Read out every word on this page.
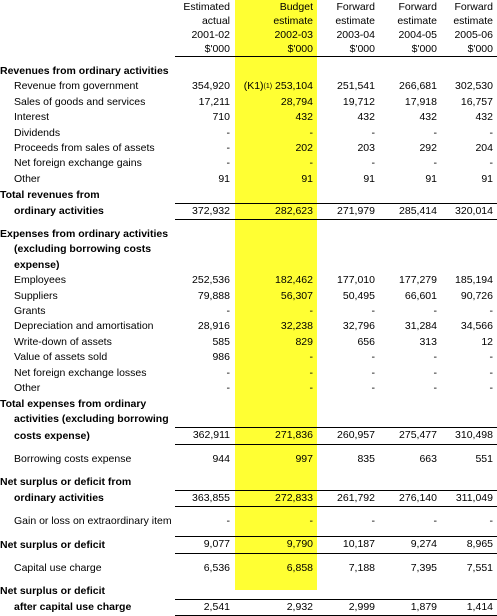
	Estimated	Budget	Forward	Forward	Forward
	actual	estimate	estimate	estimate	estimate
	2001-02	2002-03	2003-04	2004-05	2005-06
	$'000	$'000	$'000	$'000	$'000

Revenues from ordinary activities					
Revenue from government	354,920	(K1)$^{(1)}$ 253,104	251,541	266,681	302,530
Sales of goods and services	17,211	28,794	19,712	17,918	16,757
Interest	710	432	432	432	432
Dividends	-	-	-	-	-
Proceeds from sales of assets	-	202	203	292	204
Net foreign exchange gains	-	-	-	-	-
Other	91	91	91	91	91
Total revenues from					
ordinary activities	372,932	282,623	271,979	285,414	320,014

Expenses from ordinary activities					
(excluding borrowing costs					
expense)					
Employees	252,536	182,462	177,010	177,279	185,194
Suppliers	79,888	56,307	50,495	66,601	90,726
Grants	-	-	-	-	-
Depreciation and amortisation	28,916	32,238	32,796	31,284	34,566
Write-down of assets	585	829	656	313	12
Value of assets sold	986	-	-	-	-
Net foreign exchange losses	-	-	-	-	-
Other	-	-	-	-	-
Total expenses from ordinary					
activities (excluding borrowing					
costs expense)	362,911	271,836	260,957	275,477	310,498

Borrowing costs expense	944	997	835	663	551

Net surplus or deficit from					
ordinary activities	363,855	272,833	261,792	276,140	311,049

Gain or loss on extraordinary item	-	-	-	-	-

Net surplus or deficit	9,077	9,790	10,187	9,274	8,965

Capital use charge	6,536	6,858	7,188	7,395	7,551

Net surplus or deficit					
after capital use charge	2,541	2,932	2,999	1,879	1,414
